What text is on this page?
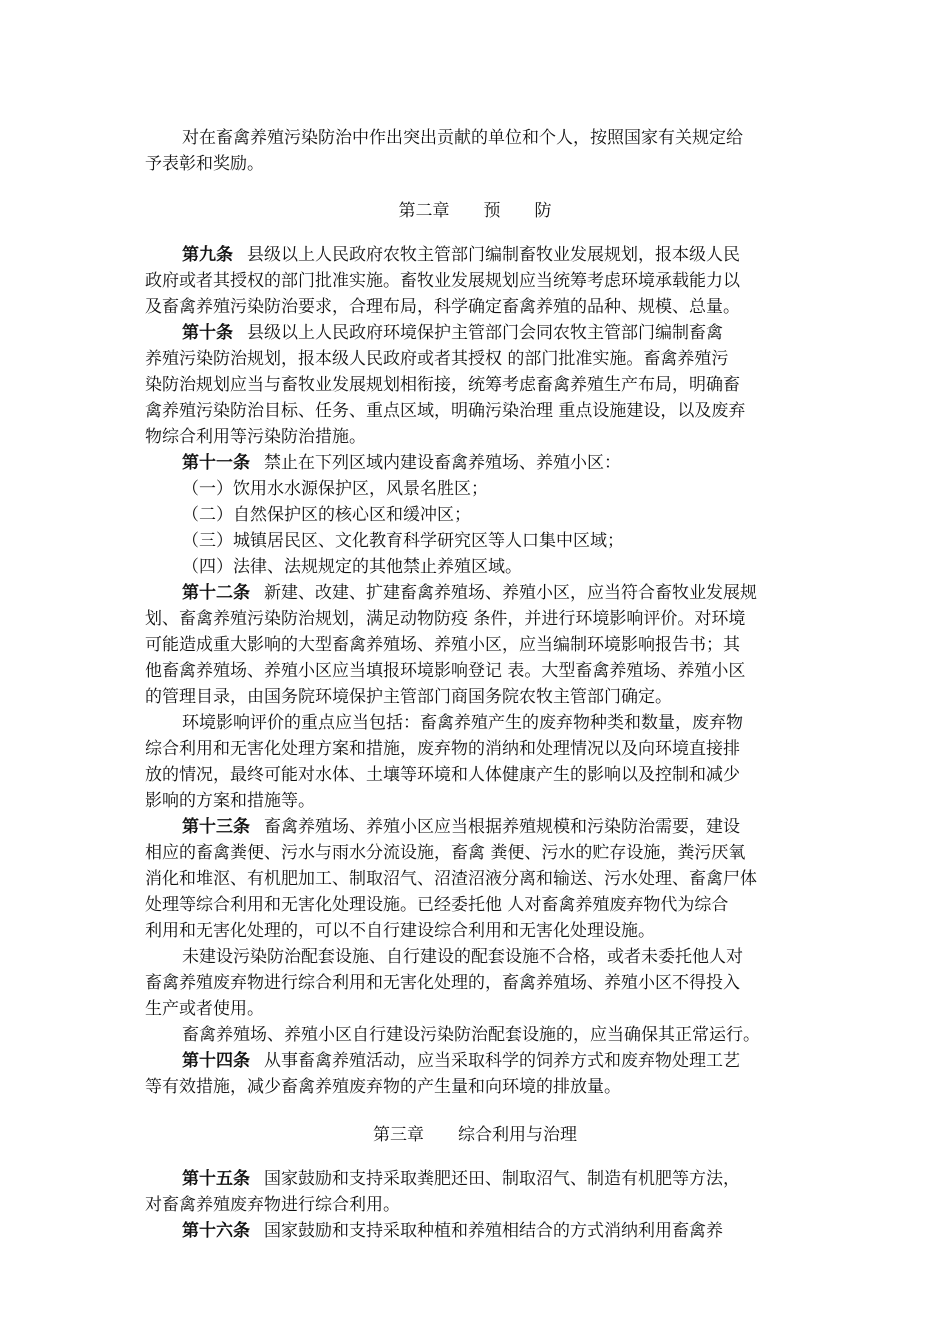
对在畜禽养殖污染防治中作出突出贡献的单位和个人，按照国家有关规定给
予表彰和奖励。
第二章 预 防
第九条 县级以上人民政府农牧主管部门编制畜牧业发展规划，报本级人民
政府或者其授权的部门批准实施。畜牧业发展规划应当统筹考虑环境承载能力以
及畜禽养殖污染防治要求，合理布局，科学确定畜禽养殖的品种、规模、总量。
第十条 县级以上人民政府环境保护主管部门会同农牧主管部门编制畜禽
养殖污染防治规划，报本级人民政府或者其授权 的部门批准实施。畜禽养殖污
染防治规划应当与畜牧业发展规划相衔接，统筹考虑畜禽养殖生产布局，明确畜
禽养殖污染防治目标、任务、重点区域，明确污染治理 重点设施建设，以及废弃
物综合利用等污染防治措施。
第十一条 禁止在下列区域内建设畜禽养殖场、养殖小区：
（一）饮用水水源保护区，风景名胜区；
（二）自然保护区的核心区和缓冲区；
（三）城镇居民区、文化教育科学研究区等人口集中区域；
（四）法律、法规规定的其他禁止养殖区域。
第十二条 新建、改建、扩建畜禽养殖场、养殖小区，应当符合畜牧业发展规
划、畜禽养殖污染防治规划，满足动物防疫 条件，并进行环境影响评价。对环境
可能造成重大影响的大型畜禽养殖场、养殖小区，应当编制环境影响报告书；其
他畜禽养殖场、养殖小区应当填报环境影响登记 表。大型畜禽养殖场、养殖小区
的管理目录，由国务院环境保护主管部门商国务院农牧主管部门确定。
环境影响评价的重点应当包括：畜禽养殖产生的废弃物种类和数量，废弃物
综合利用和无害化处理方案和措施，废弃物的消纳和处理情况以及向环境直接排
放的情况，最终可能对水体、土壤等环境和人体健康产生的影响以及控制和减少
影响的方案和措施等。
第十三条 畜禽养殖场、养殖小区应当根据养殖规模和污染防治需要，建设
相应的畜禽粪便、污水与雨水分流设施，畜禽 粪便、污水的贮存设施，粪污厌氧
消化和堆沤、有机肥加工、制取沼气、沼渣沼液分离和输送、污水处理、畜禽尸体
处理等综合利用和无害化处理设施。已经委托他 人对畜禽养殖废弃物代为综合
利用和无害化处理的，可以不自行建设综合利用和无害化处理设施。
未建设污染防治配套设施、自行建设的配套设施不合格，或者未委托他人对
畜禽养殖废弃物进行综合利用和无害化处理的，畜禽养殖场、养殖小区不得投入
生产或者使用。
畜禽养殖场、养殖小区自行建设污染防治配套设施的，应当确保其正常运行。
第十四条 从事畜禽养殖活动，应当采取科学的饲养方式和废弃物处理工艺
等有效措施，减少畜禽养殖废弃物的产生量和向环境的排放量。
第三章 综合利用与治理
第十五条 国家鼓励和支持采取粪肥还田、制取沼气、制造有机肥等方法，
对畜禽养殖废弃物进行综合利用。
第十六条 国家鼓励和支持采取种植和养殖相结合的方式消纳利用畜禽养
